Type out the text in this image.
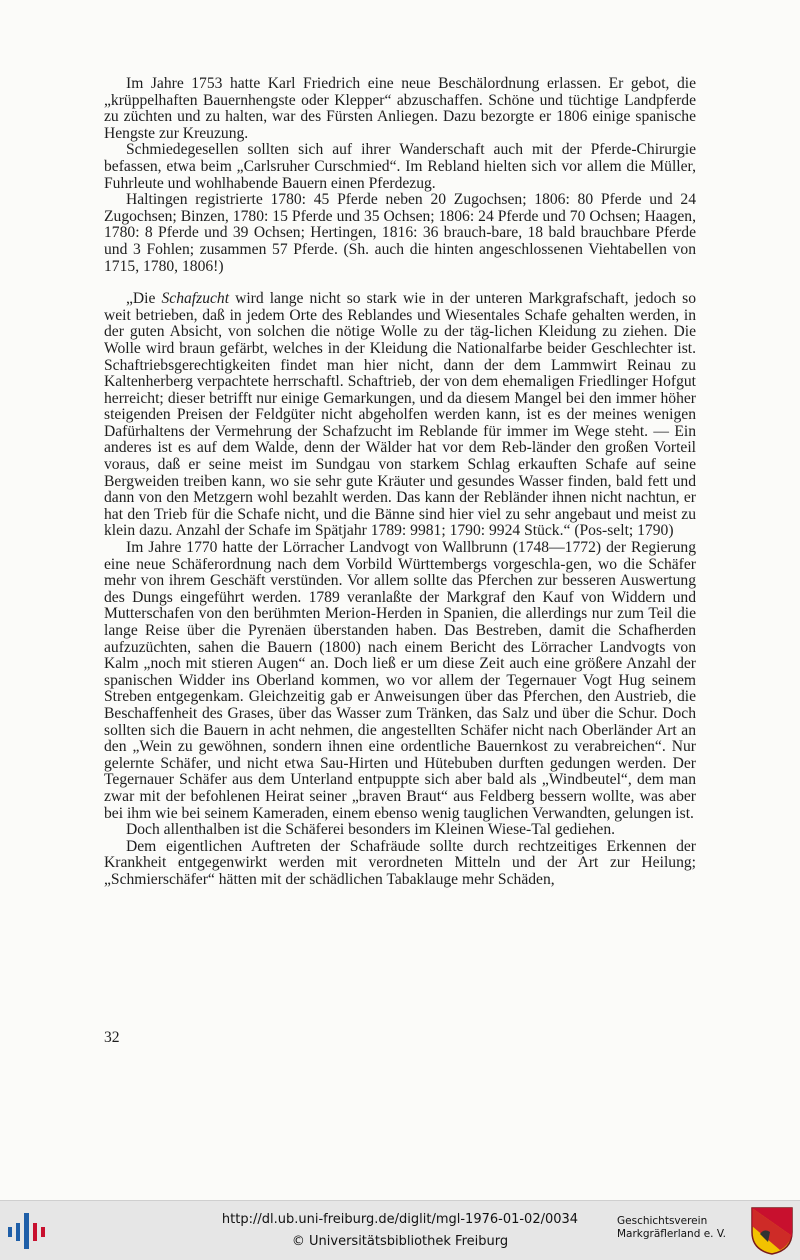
Im Jahre 1753 hatte Karl Friedrich eine neue Beschälordnung erlassen. Er gebot, die „krüppelhaften Bauernhengste oder Klepper“ abzuschaffen. Schöne und tüchtige Landpferde zu züchten und zu halten, war des Fürsten Anliegen. Dazu bezorgte er 1806 einige spanische Hengste zur Kreuzung.

Schmiedegesellen sollten sich auf ihrer Wanderschaft auch mit der Pferde-Chirurgie befassen, etwa beim „Carlsruher Curschmied“. Im Rebland hielten sich vor allem die Müller, Fuhrleute und wohlhabende Bauern einen Pferdezug.

Haltingen registrierte 1780: 45 Pferde neben 20 Zugochsen; 1806: 80 Pferde und 24 Zugochsen; Binzen, 1780: 15 Pferde und 35 Ochsen; 1806: 24 Pferde und 70 Ochsen; Haagen, 1780: 8 Pferde und 39 Ochsen; Hertingen, 1816: 36 brauch-bare, 18 bald brauchbare Pferde und 3 Fohlen; zusammen 57 Pferde. (Sh. auch die hinten angeschlossenen Viehtabellen von 1715, 1780, 1806!)

„Die Schafzucht wird lange nicht so stark wie in der unteren Markgrafschaft, jedoch so weit betrieben, daß in jedem Orte des Reblandes und Wiesentales Schafe gehalten werden, in der guten Absicht, von solchen die nötige Wolle zu der täg-lichen Kleidung zu ziehen. Die Wolle wird braun gefärbt, welches in der Kleidung die Nationalfarbe beider Geschlechter ist. Schaftriebsgerechtigkeiten findet man hier nicht, dann der dem Lammwirt Reinau zu Kaltenherberg verpachtete herrschaftl. Schaftrieb, der von dem ehemaligen Friedlinger Hofgut herreicht; dieser betrifft nur einige Gemarkungen, und da diesem Mangel bei den immer höher steigenden Preisen der Feldgüter nicht abgeholfen werden kann, ist es der meines wenigen Dafürhaltens der Vermehrung der Schafzucht im Reblande für immer im Wege steht. — Ein anderes ist es auf dem Walde, denn der Wälder hat vor dem Reb-länder den großen Vorteil voraus, daß er seine meist im Sundgau von starkem Schlag erkauften Schafe auf seine Bergweiden treiben kann, wo sie sehr gute Kräuter und gesundes Wasser finden, bald fett und dann von den Metzgern wohl bezahlt werden. Das kann der Rebländer ihnen nicht nachtun, er hat den Trieb für die Schafe nicht, und die Bänne sind hier viel zu sehr angebaut und meist zu klein dazu. Anzahl der Schafe im Spätjahr 1789: 9981; 1790: 9924 Stück.“ (Pos-selt; 1790)

Im Jahre 1770 hatte der Lörracher Landvogt von Wallbrunn (1748—1772) der Regierung eine neue Schäferordnung nach dem Vorbild Württembergs vorgeschla-gen, wo die Schäfer mehr von ihrem Geschäft verstünden. Vor allem sollte das Pferchen zur besseren Auswertung des Dungs eingeführt werden. 1789 veranlaßte der Markgraf den Kauf von Widdern und Mutterschafen von den berühmten Merion-Herden in Spanien, die allerdings nur zum Teil die lange Reise über die Pyrenäen überstanden haben. Das Bestreben, damit die Schafherden aufzuzüchten, sahen die Bauern (1800) nach einem Bericht des Lörracher Landvogts von Kalm „noch mit stieren Augen“ an. Doch ließ er um diese Zeit auch eine größere Anzahl der spanischen Widder ins Oberland kommen, wo vor allem der Tegernauer Vogt Hug seinem Streben entgegenkam. Gleichzeitig gab er Anweisungen über das Pferchen, den Austrieb, die Beschaffenheit des Grases, über das Wasser zum Tränken, das Salz und über die Schur. Doch sollten sich die Bauern in acht nehmen, die angestellten Schäfer nicht nach Oberländer Art an den „Wein zu gewöhnen, sondern ihnen eine ordentliche Bauernkost zu verabreichen“. Nur gelernte Schäfer, und nicht etwa Sau-Hirten und Hütebuben durften gedungen werden. Der Tegernauer Schäfer aus dem Unterland entpuppte sich aber bald als „Windbeutel“, dem man zwar mit der befohlenen Heirat seiner „braven Braut“ aus Feldberg bessern wollte, was aber bei ihm wie bei seinem Kameraden, einem ebenso wenig tauglichen Verwandten, gelungen ist.

Doch allenthalben ist die Schäferei besonders im Kleinen Wiese-Tal gediehen.

Dem eigentlichen Auftreten der Schafräude sollte durch rechtzeitiges Erkennen der Krankheit entgegenwirkt werden mit verordneten Mitteln und der Art zur Heilung; „Schmierschäfer“ hätten mit der schädlichen Tabaklauge mehr Schäden,

32
http://dl.ub.uni-freiburg.de/diglit/mgl-1976-01-02/0034
© Universitätsbibliothek Freiburg
Geschichtsverein
Markgräflerland e. V.
